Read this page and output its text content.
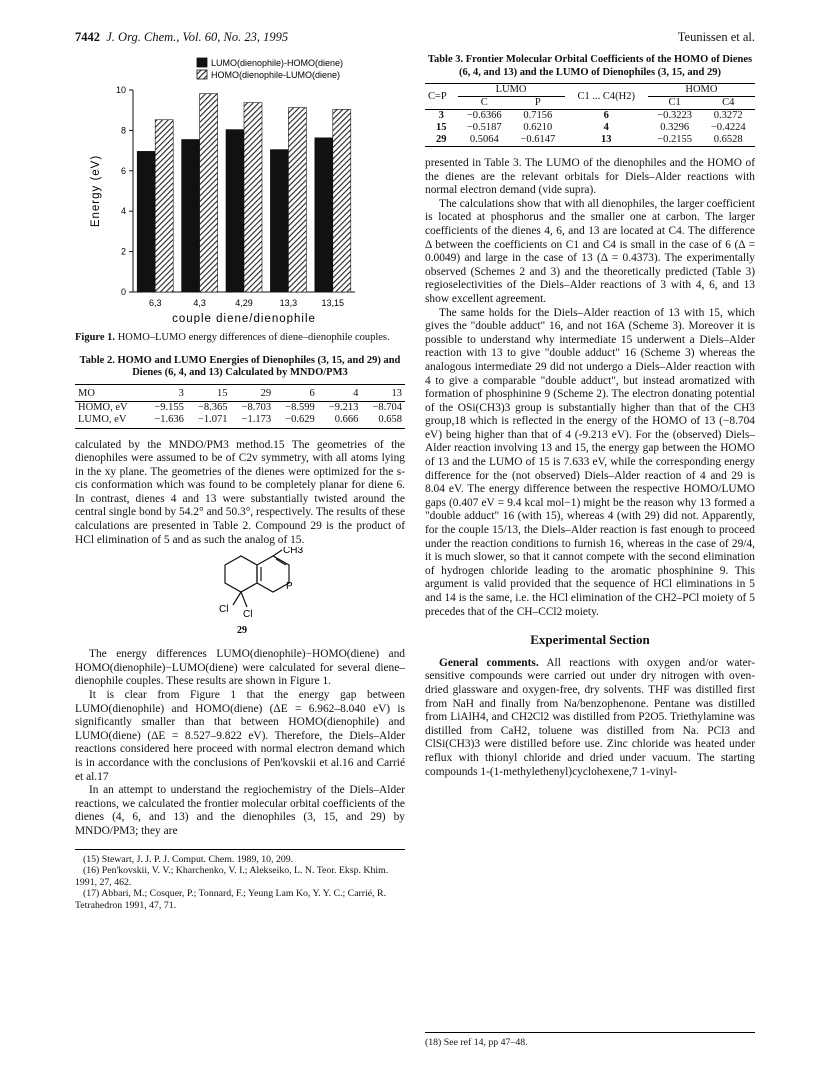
7442 J. Org. Chem., Vol. 60, No. 23, 1995	Teunissen et al.
LUMO(dienophile)-HOMO(diene)
HOMO(dienophile-LUMO(diene)
0
2
4
6
8
10
6,3	4,3	4,29	13,3	13,15
couple diene/dienophile
Energy (eV)

Figure 1. HOMO–LUMO energy differences of diene–dienophile couples.

Table 2. HOMO and LUMO Energies of Dienophiles (3, 15, and 29) and Dienes (6, 4, and 13) Calculated by MNDO/PM3
MO	3	15	29	6	4	13
HOMO, eV	−9.155	−8.365	−8.703	−8.599	−9.213	−8.704
LUMO, eV	−1.636	−1.071	−1.173	−0.629	0.666	0.658

calculated by the MNDO/PM3 method.15 The geometries of the dienophiles were assumed to be of C2v symmetry, with all atoms lying in the xy plane. The geometries of the dienes were optimized for the s-cis conformation which was found to be completely planar for diene 6. In contrast, dienes 4 and 13 were substantially twisted around the central single bond by 54.2° and 50.3°, respectively. The results of these calculations are presented in Table 2. Compound 29 is the product of HCl elimination of 5 and as such the analog of 15.

CH3
P
Cl Cl
29

The energy differences LUMO(dienophile)−HOMO(diene) and HOMO(dienophile)−LUMO(diene) were calculated for several diene–dienophile couples. These results are shown in Figure 1.

It is clear from Figure 1 that the energy gap between LUMO(dienophile) and HOMO(diene) (ΔE = 6.962–8.040 eV) is significantly smaller than that between HOMO(dienophile) and LUMO(diene) (ΔE = 8.527–9.822 eV). Therefore, the Diels–Alder reactions considered here proceed with normal electron demand which is in accordance with the conclusions of Pen'kovskii et al.16 and Carrié et al.17

In an attempt to understand the regiochemistry of the Diels–Alder reactions, we calculated the frontier molecular orbital coefficients of the dienes (4, 6, and 13) and the dienophiles (3, 15, and 29) by MNDO/PM3; they are

(15) Stewart, J. J. P. J. Comput. Chem. 1989, 10, 209.

(16) Pen'kovskii, V. V.; Kharchenko, V. I.; Alekseiko, L. N. Teor. Eksp. Khim. 1991, 27, 462.

(17) Abbari, M.; Cosquer, P.; Tonnard, F.; Yeung Lam Ko, Y. Y. C.; Carrié, R. Tetrahedron 1991, 47, 71.

Table 3. Frontier Molecular Orbital Coefficients of the HOMO of Dienes (6, 4, and 13) and the LUMO of Dienophiles (3, 15, and 29)
C=P	LUMO		C1 ... C4(H2)	HOMO	
	C	P		C1	C4
3	−0.6366	0.7156	6	−0.3223	0.3272
15	−0.5187	0.6210	4	0.3296	−0.4224
29	0.5064	−0.6147	13	−0.2155	0.6528

presented in Table 3. The LUMO of the dienophiles and the HOMO of the dienes are the relevant orbitals for Diels–Alder reactions with normal electron demand (vide supra).

The calculations show that with all dienophiles, the larger coefficient is located at phosphorus and the smaller one at carbon. The larger coefficients of the dienes 4, 6, and 13 are located at C4. The difference Δ between the coefficients on C1 and C4 is small in the case of 6 (Δ = 0.0049) and large in the case of 13 (Δ = 0.4373). The experimentally observed (Schemes 2 and 3) and the theoretically predicted (Table 3) regioselectivities of the Diels–Alder reactions of 3 with 4, 6, and 13 show excellent agreement.

The same holds for the Diels–Alder reaction of 13 with 15, which gives the "double adduct" 16, and not 16A (Scheme 3). Moreover it is possible to understand why intermediate 15 underwent a Diels–Alder reaction with 13 to give "double adduct" 16 (Scheme 3) whereas the analogous intermediate 29 did not undergo a Diels–Alder reaction with 4 to give a comparable "double adduct", but instead aromatized with formation of phosphinine 9 (Scheme 2). The electron donating potential of the OSi(CH3)3 group is substantially higher than that of the CH3 group,18 which is reflected in the energy of the HOMO of 13 (−8.704 eV) being higher than that of 4 (-9.213 eV). For the (observed) Diels–Alder reaction involving 13 and 15, the energy gap between the HOMO of 13 and the LUMO of 15 is 7.633 eV, while the corresponding energy difference for the (not observed) Diels–Alder reaction of 4 and 29 is 8.04 eV. The energy difference between the respective HOMO/LUMO gaps (0.407 eV = 9.4 kcal mol−1) might be the reason why 13 formed a "double adduct" 16 (with 15), whereas 4 (with 29) did not. Apparently, for the couple 15/13, the Diels–Alder reaction is fast enough to proceed under the reaction conditions to furnish 16, whereas in the case of 29/4, it is much slower, so that it cannot compete with the second elimination of hydrogen chloride leading to the aromatic phosphinine 9. This argument is valid provided that the sequence of HCl eliminations in 5 and 14 is the same, i.e. the HCl elimination of the CH2–PCl moiety of 5 precedes that of the CH–CCl2 moiety.

Experimental Section

General comments. All reactions with oxygen and/or water-sensitive compounds were carried out under dry nitrogen with oven-dried glassware and oxygen-free, dry solvents. THF was distilled first from NaH and finally from Na/benzophenone. Pentane was distilled from LiAlH4, and CH2Cl2 was distilled from P2O5. Triethylamine was distilled from CaH2, toluene was distilled from Na. PCl3 and ClSi(CH3)3 were distilled before use. Zinc chloride was heated under reflux with thionyl chloride and dried under vacuum. The starting compounds 1-(1-methylethenyl)cyclohexene,7 1-vinyl-

(18) See ref 14, pp 47–48.
